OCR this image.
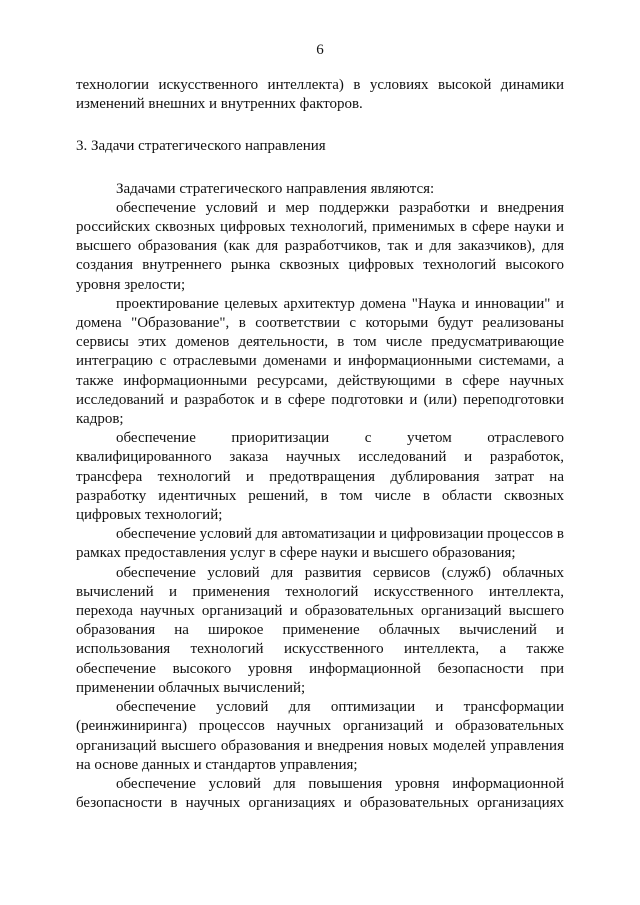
6

технологии искусственного интеллекта) в условиях высокой динамики изменений внешних и внутренних факторов.

3. Задачи стратегического направления

Задачами стратегического направления являются:

обеспечение условий и мер поддержки разработки и внедрения российских сквозных цифровых технологий, применимых в сфере науки и высшего образования (как для разработчиков, так и для заказчиков), для создания внутреннего рынка сквозных цифровых технологий высокого уровня зрелости;

проектирование целевых архитектур домена "Наука и инновации" и домена "Образование", в соответствии с которыми будут реализованы сервисы этих доменов деятельности, в том числе предусматривающие интеграцию с отраслевыми доменами и информационными системами, а также информационными ресурсами, действующими в сфере научных исследований и разработок и в сфере подготовки и (или) переподготовки кадров;

обеспечение приоритизации с учетом отраслевого квалифицированного заказа научных исследований и разработок, трансфера технологий и предотвращения дублирования затрат на разработку идентичных решений, в том числе в области сквозных цифровых технологий;

обеспечение условий для автоматизации и цифровизации процессов в рамках предоставления услуг в сфере науки и высшего образования;

обеспечение условий для развития сервисов (служб) облачных вычислений и применения технологий искусственного интеллекта, перехода научных организаций и образовательных организаций высшего образования на широкое применение облачных вычислений и использования технологий искусственного интеллекта, а также обеспечение высокого уровня информационной безопасности при применении облачных вычислений;

обеспечение условий для оптимизации и трансформации (реинжиниринга) процессов научных организаций и образовательных организаций высшего образования и внедрения новых моделей управления на основе данных и стандартов управления;

обеспечение условий для повышения уровня информационной безопасности в научных организациях и образовательных организациях
